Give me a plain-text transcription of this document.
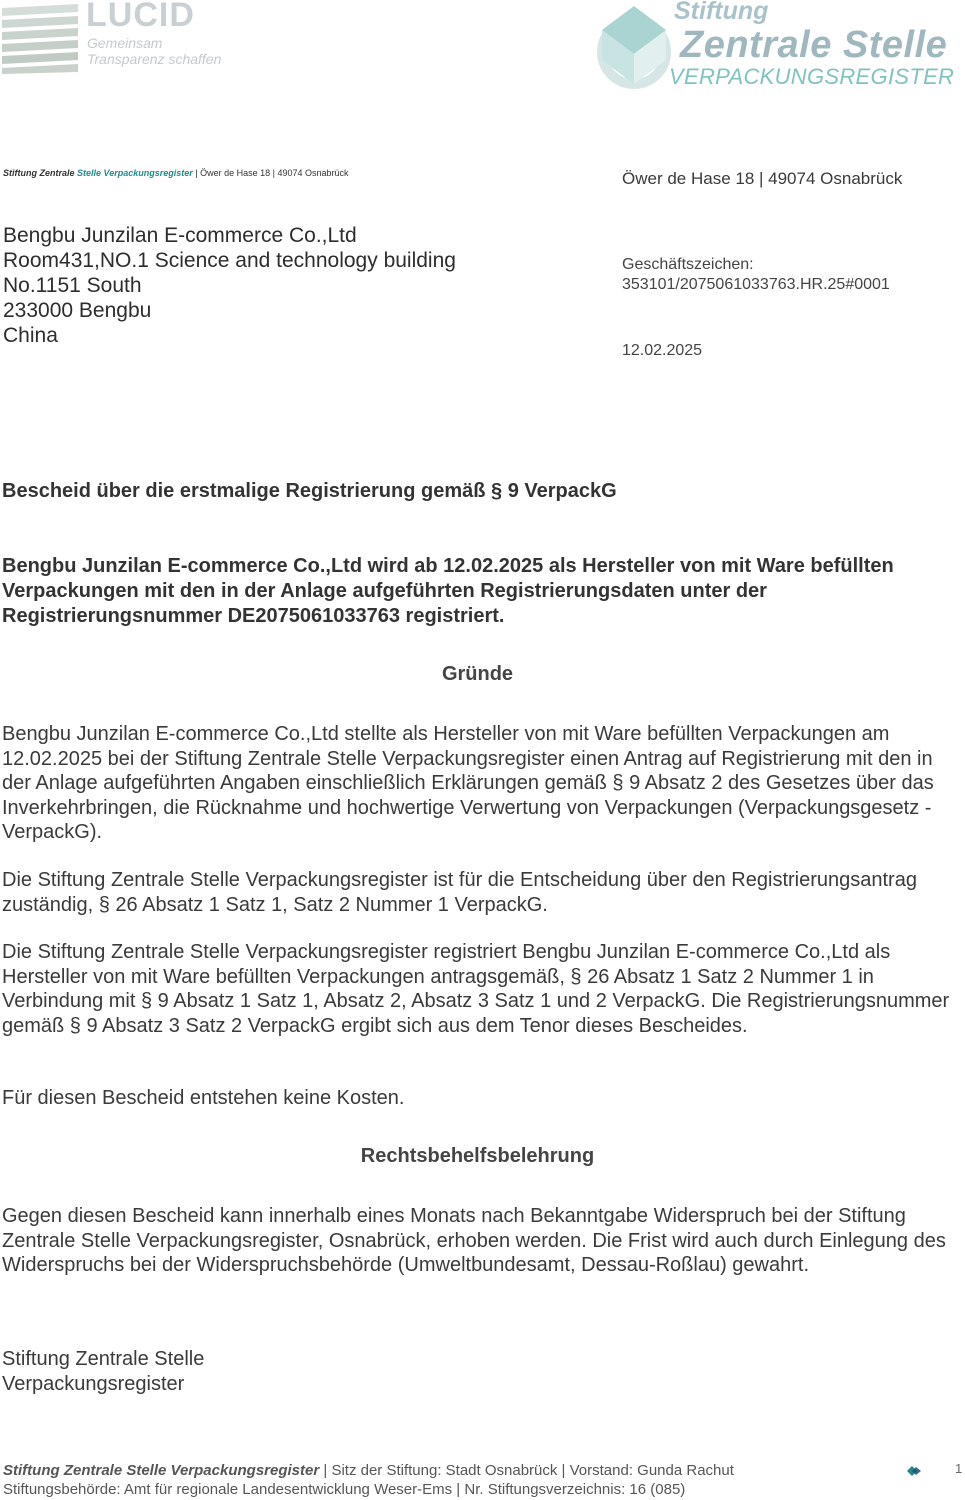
LUCID
Gemeinsam
Transparenz schaffen
Stiftung
Zentrale Stelle
VERPACKUNGSREGISTER
Stiftung Zentrale Stelle Verpackungsregister | Öwer de Hase 18 | 49074 Osnabrück	Öwer de Hase 18 | 49074 Osnabrück
Bengbu Junzilan E-commerce Co.,Ltd
Room431,NO.1 Science and technology building
No.1151 South
233000 Bengbu
China
Geschäftszeichen:
353101/2075061033763.HR.25#0001
12.02.2025
Bescheid über die erstmalige Registrierung gemäß § 9 VerpackG
Bengbu Junzilan E-commerce Co.,Ltd wird ab 12.02.2025 als Hersteller von mit Ware befüllten Verpackungen mit den in der Anlage aufgeführten Registrierungsdaten unter der Registrierungsnummer DE2075061033763 registriert.
Gründe
Bengbu Junzilan E-commerce Co.,Ltd stellte als Hersteller von mit Ware befüllten Verpackungen am 12.02.2025 bei der Stiftung Zentrale Stelle Verpackungsregister einen Antrag auf Registrierung mit den in der Anlage aufgeführten Angaben einschließlich Erklärungen gemäß § 9 Absatz 2 des Gesetzes über das Inverkehrbringen, die Rücknahme und hochwertige Verwertung von Verpackungen (Verpackungsgesetz - VerpackG).
Die Stiftung Zentrale Stelle Verpackungsregister ist für die Entscheidung über den Registrierungsantrag zuständig, § 26 Absatz 1 Satz 1, Satz 2 Nummer 1 VerpackG.
Die Stiftung Zentrale Stelle Verpackungsregister registriert Bengbu Junzilan E-commerce Co.,Ltd als Hersteller von mit Ware befüllten Verpackungen antragsgemäß, § 26 Absatz 1 Satz 2 Nummer 1 in Verbindung mit § 9 Absatz 1 Satz 1, Absatz 2, Absatz 3 Satz 1 und 2 VerpackG. Die Registrierungsnummer gemäß § 9 Absatz 3 Satz 2 VerpackG ergibt sich aus dem Tenor dieses Bescheides.
Für diesen Bescheid entstehen keine Kosten.
Rechtsbehelfsbelehrung
Gegen diesen Bescheid kann innerhalb eines Monats nach Bekanntgabe Widerspruch bei der Stiftung Zentrale Stelle Verpackungsregister, Osnabrück, erhoben werden. Die Frist wird auch durch Einlegung des Widerspruchs bei der Widerspruchsbehörde (Umweltbundesamt, Dessau-Roßlau) gewahrt.
Stiftung Zentrale Stelle
Verpackungsregister
Stiftung Zentrale Stelle Verpackungsregister | Sitz der Stiftung: Stadt Osnabrück | Vorstand: Gunda Rachut
Stiftungsbehörde: Amt für regionale Landesentwicklung Weser-Ems | Nr. Stiftungsverzeichnis: 16 (085)
1
